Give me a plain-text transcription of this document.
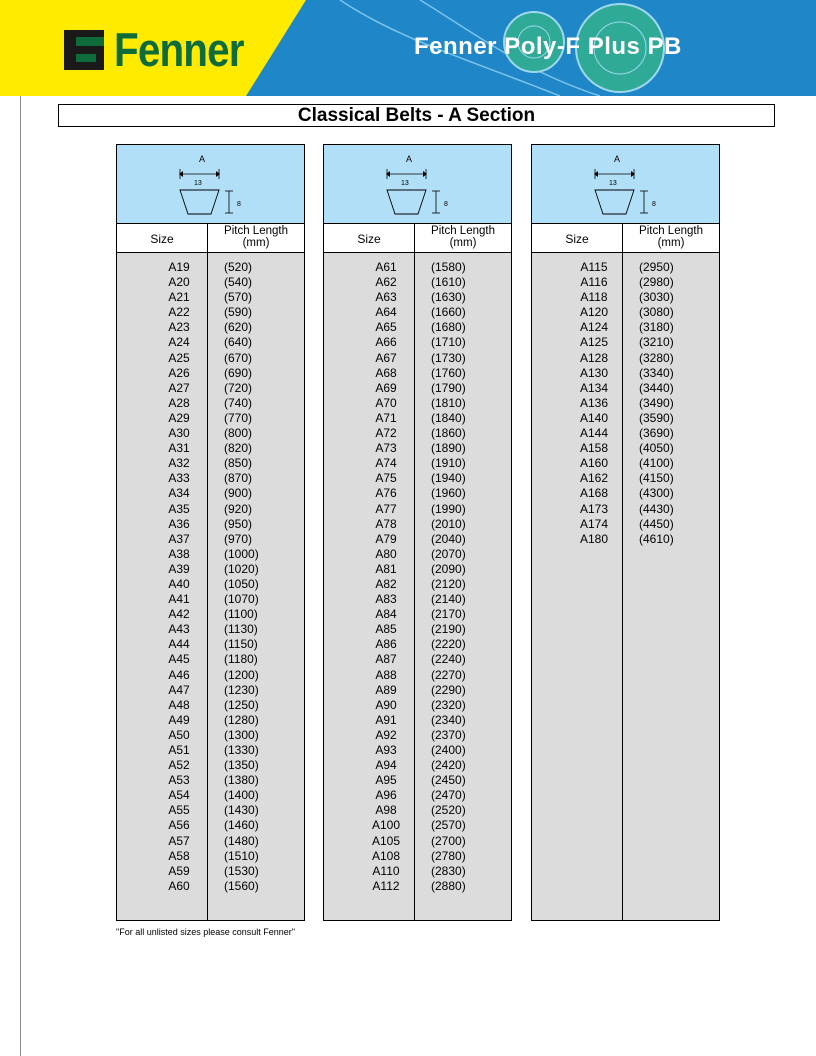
Fenner	Fenner Poly-F Plus PB
Classical Belts - A Section
A
13
8
Size
Pitch Length
(mm)
A19	(520)
A20	(540)
A21	(570)
A22	(590)
A23	(620)
A24	(640)
A25	(670)
A26	(690)
A27	(720)
A28	(740)
A29	(770)
A30	(800)
A31	(820)
A32	(850)
A33	(870)
A34	(900)
A35	(920)
A36	(950)
A37	(970)
A38	(1000)
A39	(1020)
A40	(1050)
A41	(1070)
A42	(1100)
A43	(1130)
A44	(1150)
A45	(1180)
A46	(1200)
A47	(1230)
A48	(1250)
A49	(1280)
A50	(1300)
A51	(1330)
A52	(1350)
A53	(1380)
A54	(1400)
A55	(1430)
A56	(1460)
A57	(1480)
A58	(1510)
A59	(1530)
A60	(1560)
A
13
8
Size
Pitch Length
(mm)
A61	(1580)
A62	(1610)
A63	(1630)
A64	(1660)
A65	(1680)
A66	(1710)
A67	(1730)
A68	(1760)
A69	(1790)
A70	(1810)
A71	(1840)
A72	(1860)
A73	(1890)
A74	(1910)
A75	(1940)
A76	(1960)
A77	(1990)
A78	(2010)
A79	(2040)
A80	(2070)
A81	(2090)
A82	(2120)
A83	(2140)
A84	(2170)
A85	(2190)
A86	(2220)
A87	(2240)
A88	(2270)
A89	(2290)
A90	(2320)
A91	(2340)
A92	(2370)
A93	(2400)
A94	(2420)
A95	(2450)
A96	(2470)
A98	(2520)
A100	(2570)
A105	(2700)
A108	(2780)
A110	(2830)
A112	(2880)
A
13
8
Size
Pitch Length
(mm)
A115	(2950)
A116	(2980)
A118	(3030)
A120	(3080)
A124	(3180)
A125	(3210)
A128	(3280)
A130	(3340)
A134	(3440)
A136	(3490)
A140	(3590)
A144	(3690)
A158	(4050)
A160	(4100)
A162	(4150)
A168	(4300)
A173	(4430)
A174	(4450)
A180	(4610)
"For all unlisted sizes please consult Fenner"
